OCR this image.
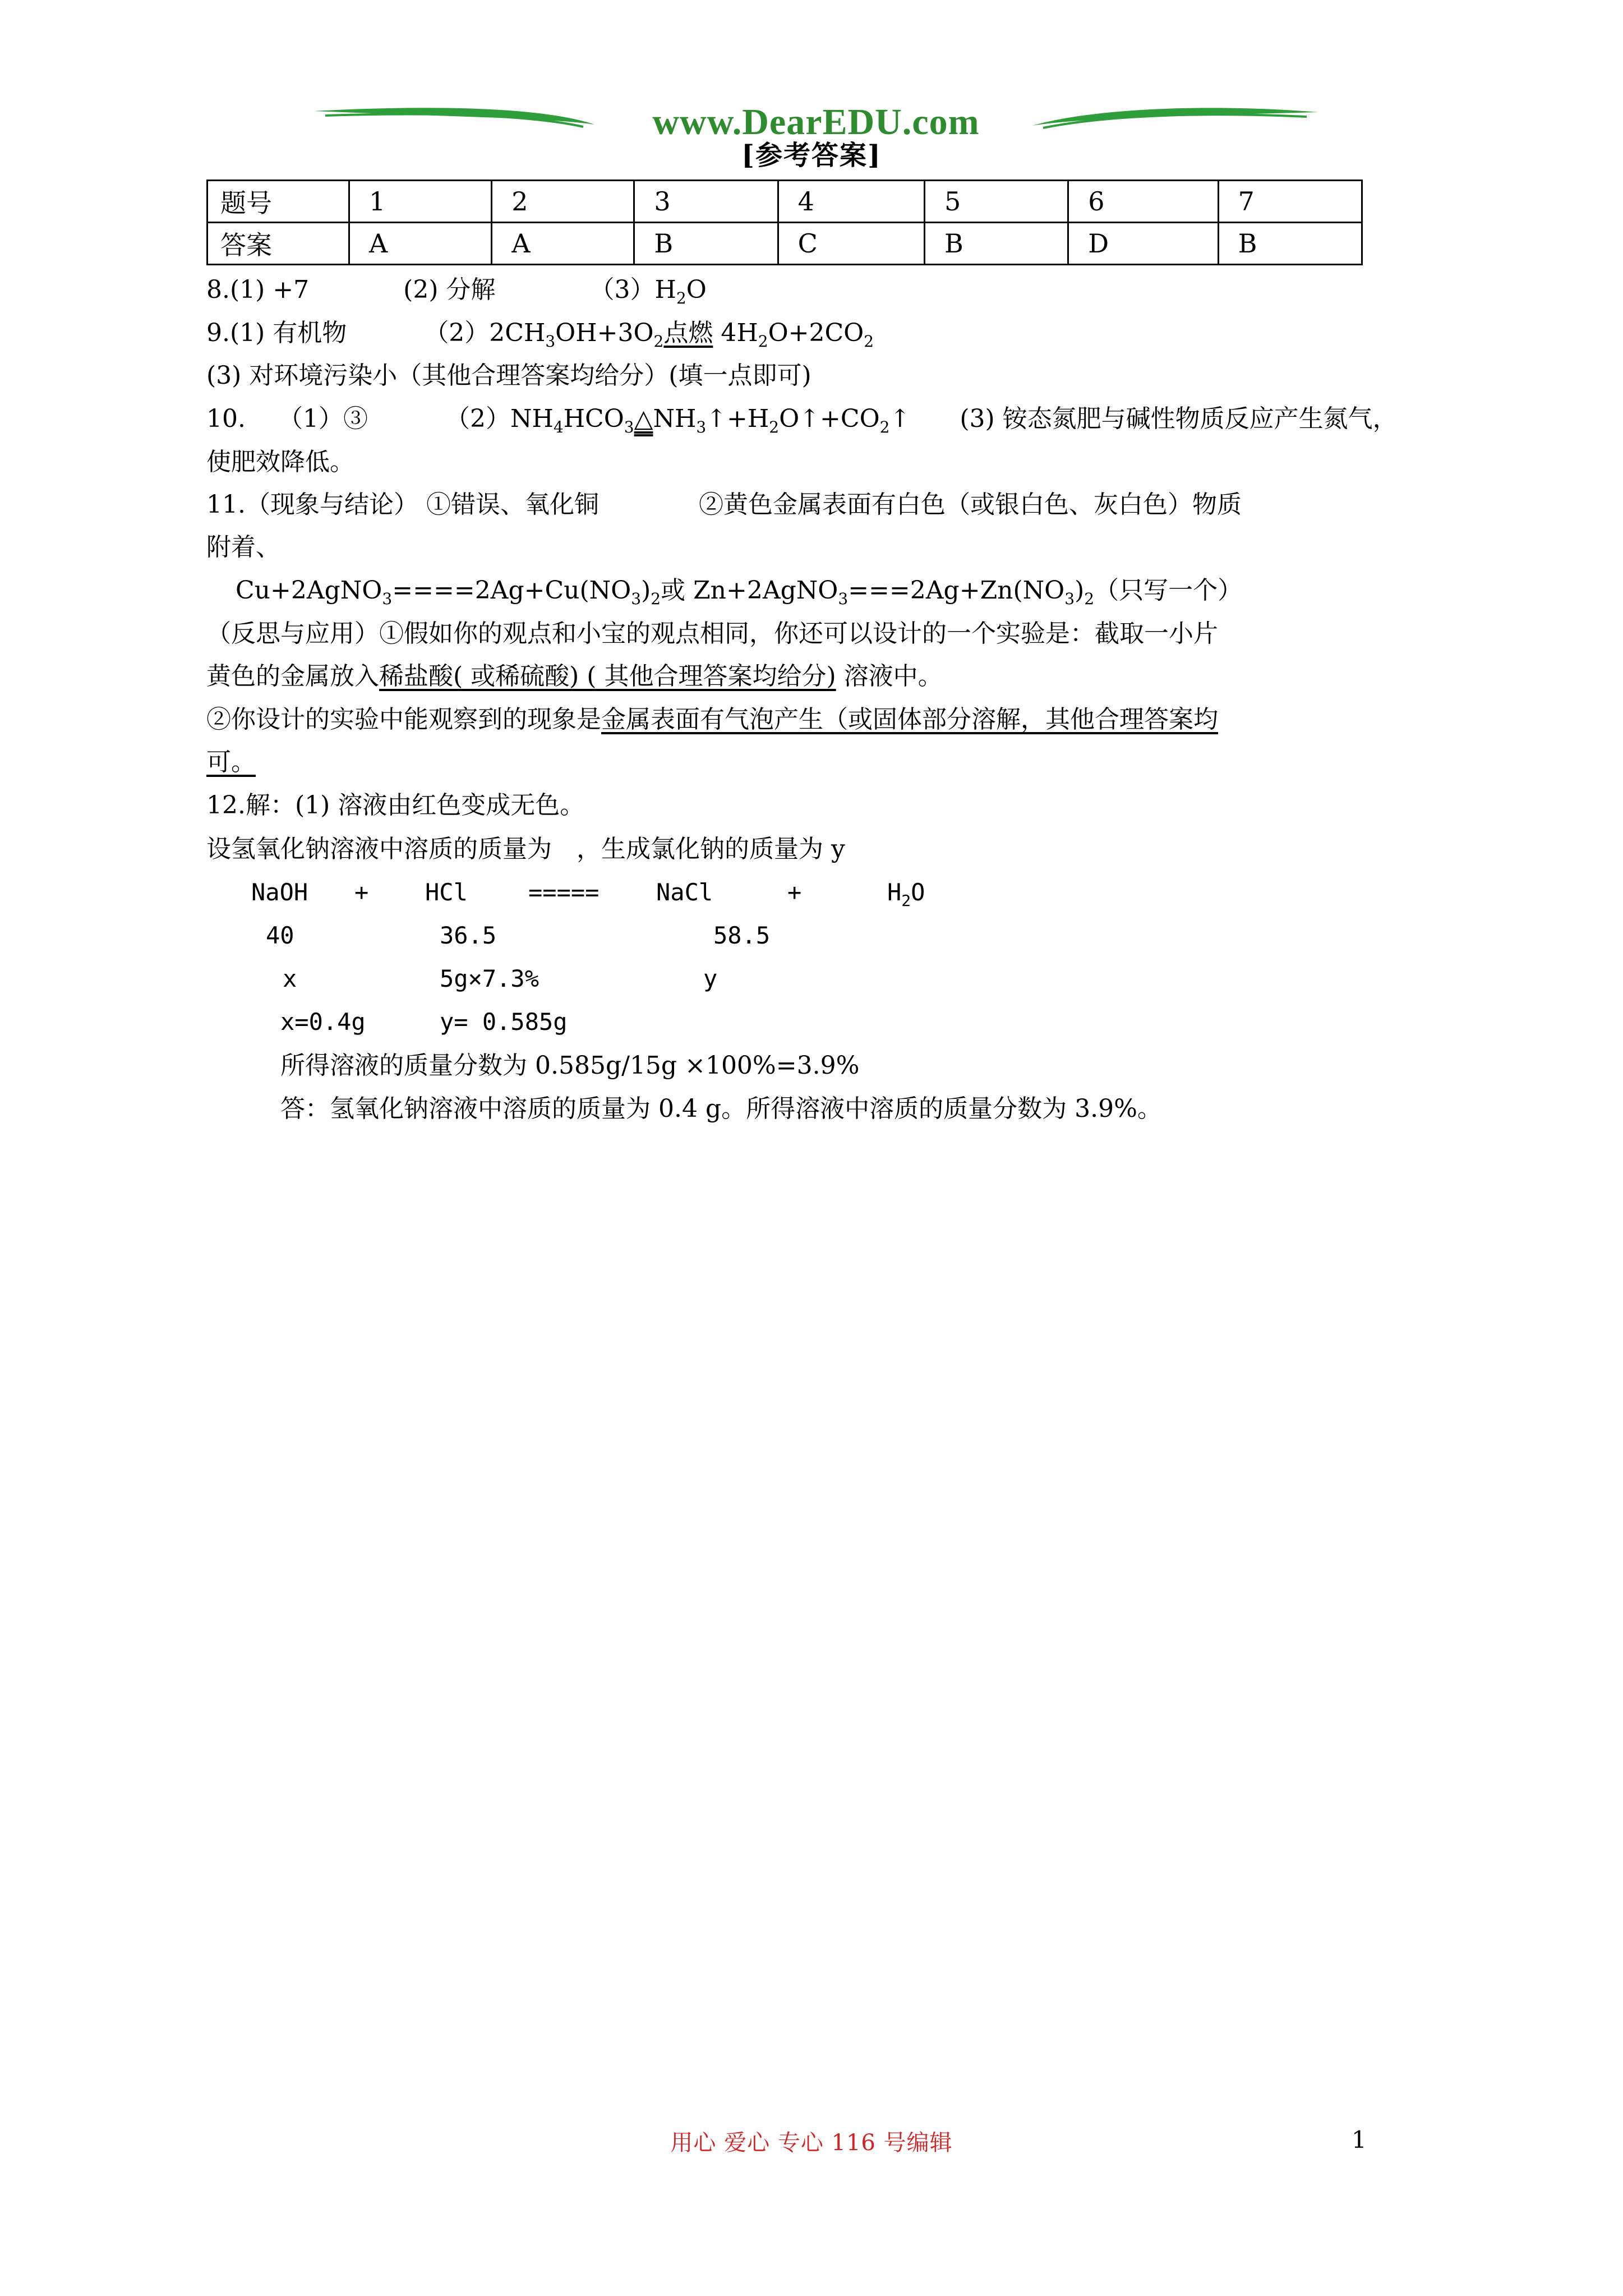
www.DearEDU.com
[参考答案]
题号	1	2	3	4	5	6	7
答案	A	A	B	C	B	D	B
8.(1) +7	(2) 分解	$(3)H_2O$
9.(1) 有机物	$(2)2CH_3OH+3O_2$点燃 $4H_2O+2CO_2$
(3) 对环境污染小（其他合理答案均给分）(填一点即可)
10. （1）③	$(2)NH_4HCO_3\triangle NH_3↑+H_2O↑+CO_2↑$ (3) 铵态氮肥与碱性物质反应产生氮气，
使肥效降低。
11.（现象与结论） ①错误、氧化铜	②黄色金属表面有白色（或银白色、灰白色）物质
附着、
$Cu+2AgNO_3====2Ag+Cu(NO_3)_2$或 $Zn+2AgNO_3===2Ag+Zn(NO_3)_2$（只写一个）
（反思与应用）①假如你的观点和小宝的观点相同，你还可以设计的一个实验是：截取一小片
黄色的金属放入稀盐酸( 或稀硫酸) ( 其他合理答案均给分) 溶液中。
②你设计的实验中能观察到的现象是金属表面有气泡产生（或固体部分溶解，其他合理答案均
可。
12.解：(1) 溶液由红色变成无色。
设氢氧化钠溶液中溶质的质量为　，生成氯化钠的质量为 y
NaOH + HCl	===== NaCl	+	$H_2O$
40	36.5	58.5
x	5g×7.3%	y
x=0.4g	y= 0.585g
所得溶液的质量分数为 0.585g/15g ×100%=3.9%
答：氢氧化钠溶液中溶质的质量为 0.4 g。所得溶液中溶质的质量分数为 3.9%。
用心 爱心 专心 116 号编辑	1
